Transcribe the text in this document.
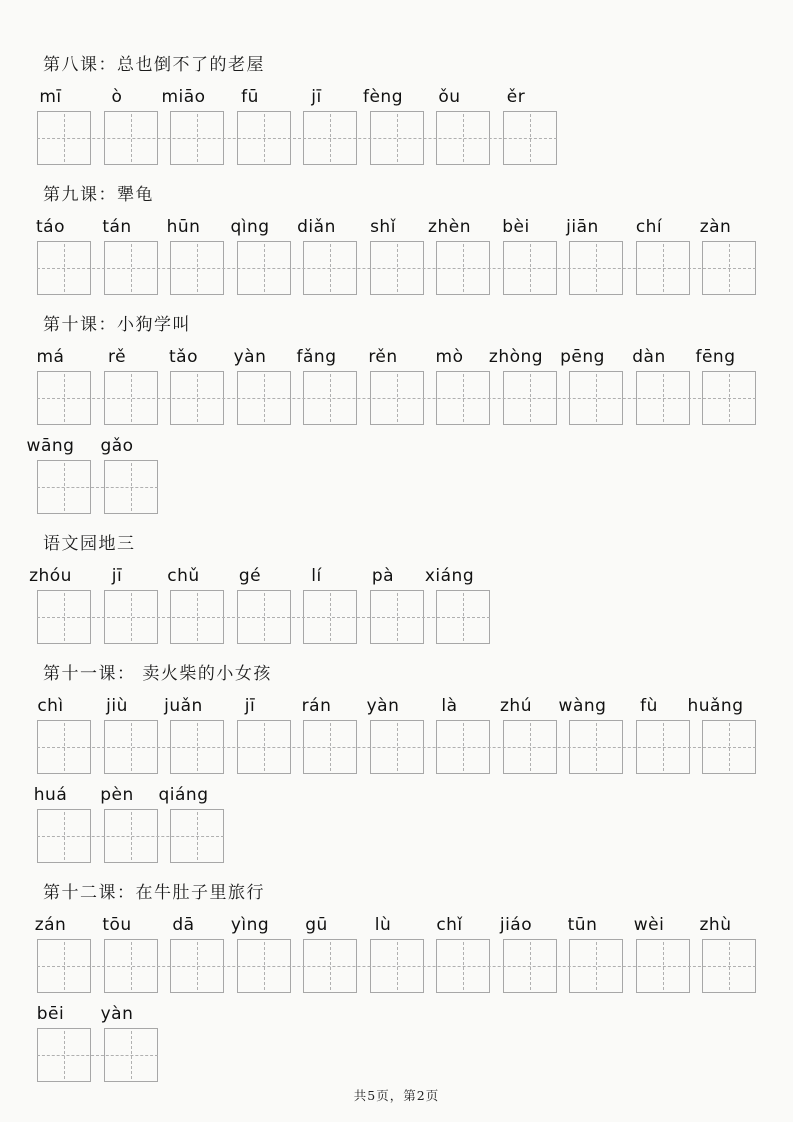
第八课：总也倒不了的老屋
mī	ò	miāo	fū	jī	fèng	ǒu	ěr
第九课：犟龟
táo	tán	hūn	qìng	diǎn	shǐ	zhèn	bèi	jiān	chí	zàn
第十课：小狗学叫
má	rě	tǎo	yàn	fǎng	rěn	mò	zhòng	pēng	dàn	fēng
wāng	gǎo
语文园地三
zhóu	jī	chǔ	gé	lí	pà	xiáng
第十一课： 卖火柴的小女孩
chì	jiù	juǎn	jī	rán	yàn	là	zhú	wàng	fù	huǎng
huá	pèn	qiáng
第十二课：在牛肚子里旅行
zán	tōu	dā	yìng	gū	lù	chǐ	jiáo	tūn	wèi	zhù
bēi	yàn
共5页，第2页
